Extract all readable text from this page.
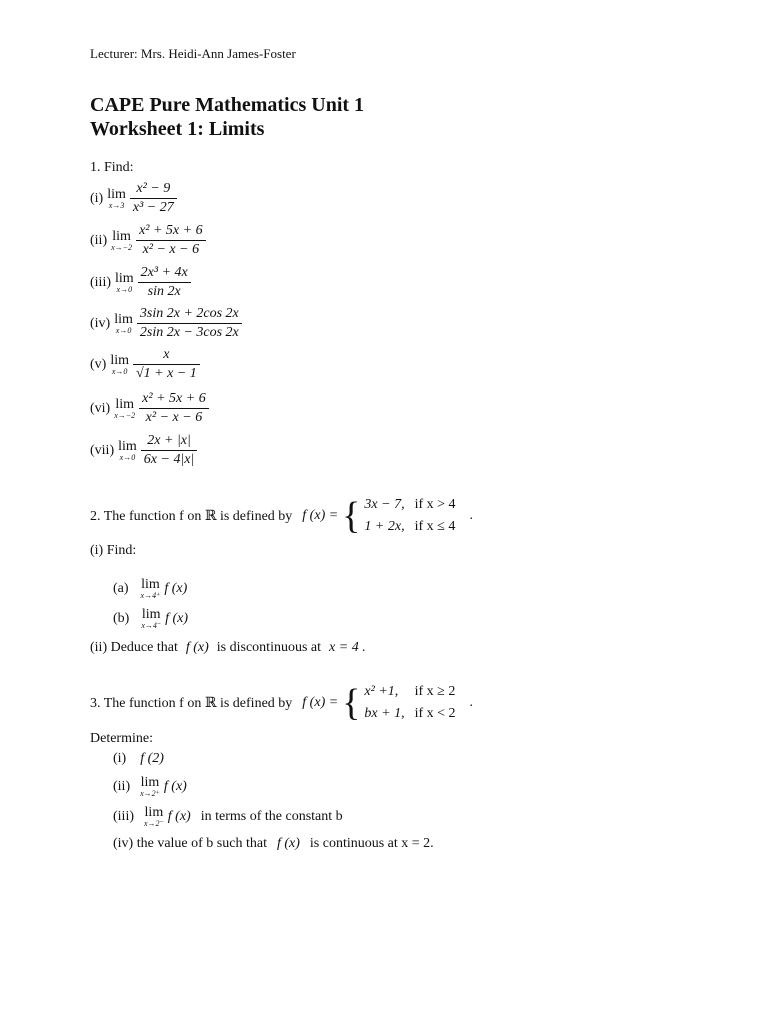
Lecturer: Mrs. Heidi-Ann James-Foster
CAPE Pure Mathematics Unit 1
Worksheet 1: Limits
1. Find:
(i) lim
$x\to 3 \frac{\text{x² − 9}}{\text{x³ − 27}}$
(ii) lim
$x\to-2 \frac{\text{x² + 5x + 6}}{\text{x² − x − 6}}$
(iii) lim
$x\to 0 \frac{\text{2x³ + 4x}}{\sin 2x}$
(iv) lim
$x\to 0 \frac{3\sin 2x + 2\cos 2x}{2\sin 2x - 3\cos 2x}$
(v) lim
$x\to 0 \frac{x}{√1 + x - 1}$
(vi) lim
$x\to-2 \frac{\text{x² + 5x + 6}}{\text{x² − x − 6}}$
(vii) lim
$x\to 0 \frac{2x + |x|}{6x - 4|x|}$
2. The function f on ℝ is defined by f (x) = { 3x − 7,	if x > 4
1 + 2x,	if x ≤ 4
.
(i) Find:
(a) lim
x→4⁺ f (x)
(b) lim
x→4⁻ f (x)
(ii) Deduce that f (x) is discontinuous at x = 4 .
3. The function f on ℝ is defined by f (x) = { x² +1,	if x ≥ 2
bx + 1,	if x < 2
.
Determine:
(i) f (2)
(ii) lim
x→2⁺ f (x)
(iii) lim
x→2⁻ f (x) in terms of the constant b
(iv) the value of b such that f (x) is continuous at x = 2.
